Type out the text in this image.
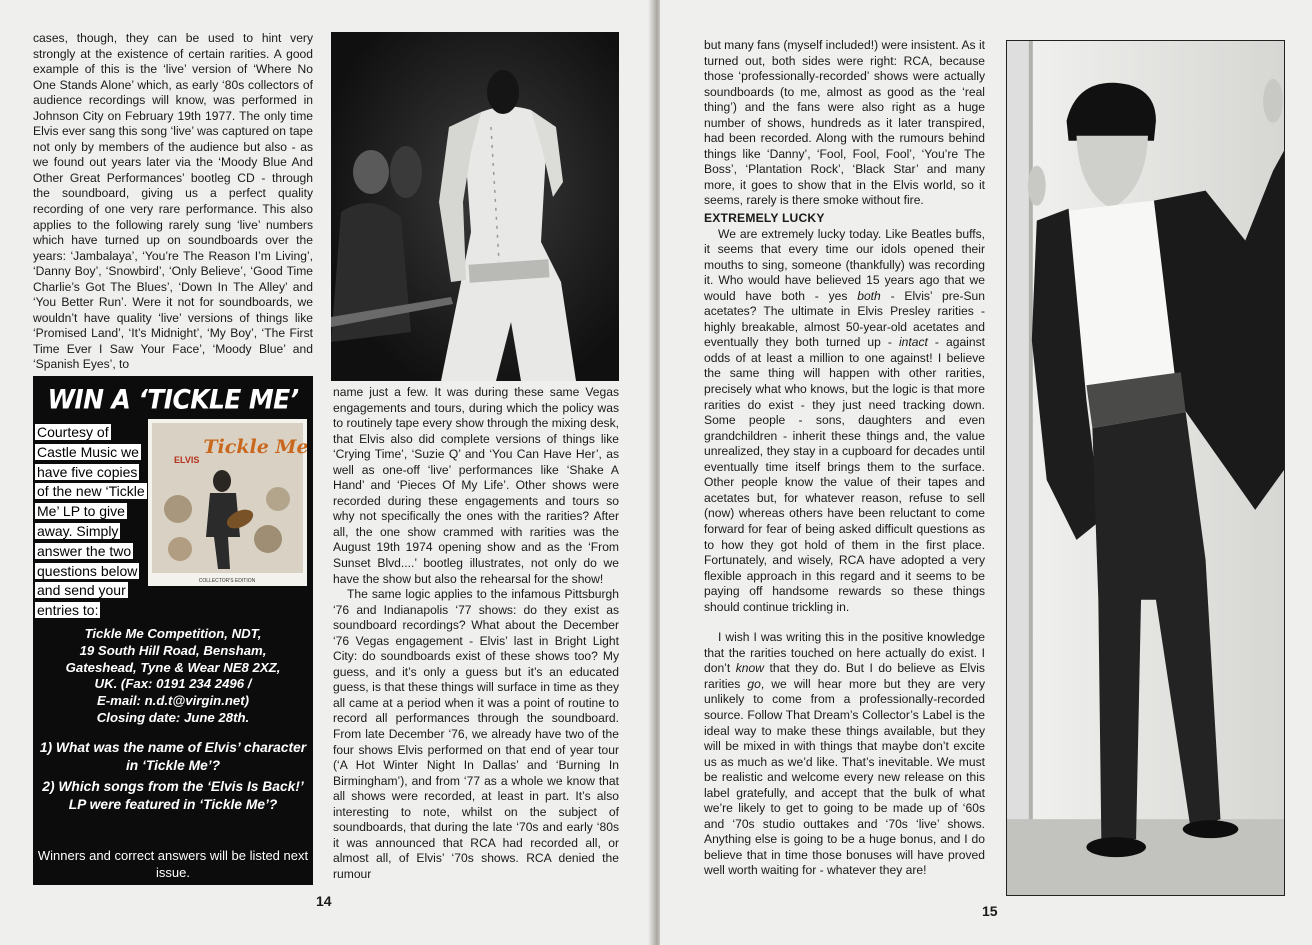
cases, though, they can be used to hint very strongly at the existence of certain rarities. A good example of this is the ‘live’ version of ‘Where No One Stands Alone’ which, as early ‘80s collectors of audience recordings will know, was performed in Johnson City on February 19th 1977. The only time Elvis ever sang this song ‘live’ was captured on tape not only by members of the audience but also - as we found out years later via the ‘Moody Blue And Other Great Performances’ bootleg CD - through the soundboard, giving us a perfect quality recording of one very rare performance. This also applies to the following rarely sung ‘live’ numbers which have turned up on soundboards over the years: ‘Jambalaya’, ‘You’re The Reason I’m Living’, ‘Danny Boy’, ‘Snowbird’, ‘Only Believe’, ‘Good Time Charlie’s Got The Blues’, ‘Down In The Alley’ and ‘You Better Run’. Were it not for soundboards, we wouldn’t have quality ‘live’ versions of things like ‘Promised Land’, ‘It’s Midnight’, ‘My Boy’, ‘The First Time Ever I Saw Your Face’, ‘Moody Blue’ and ‘Spanish Eyes’, to

name just a few. It was during these same Vegas engagements and tours, during which the policy was to routinely tape every show through the mixing desk, that Elvis also did complete versions of things like ‘Crying Time’, ‘Suzie Q’ and ‘You Can Have Her’, as well as one-off ‘live’ performances like ‘Shake A Hand’ and ‘Pieces Of My Life’. Other shows were recorded during these engagements and tours so why not specifically the ones with the rarities? After all, the one show crammed with rarities was the August 19th 1974 opening show and as the ‘From Sunset Blvd....’ bootleg illustrates, not only do we have the show but also the rehearsal for the show!

The same logic applies to the infamous Pittsburgh ‘76 and Indianapolis ‘77 shows: do they exist as soundboard recordings? What about the December ‘76 Vegas engagement - Elvis’ last in Bright Light City: do soundboards exist of these shows too? My guess, and it’s only a guess but it’s an educated guess, is that these things will surface in time as they all came at a period when it was a point of routine to record all performances through the soundboard. From late December ‘76, we already have two of the four shows Elvis performed on that end of year tour (‘A Hot Winter Night In Dallas’ and ‘Burning In Birmingham’), and from ‘77 as a whole we know that all shows were recorded, at least in part. It’s also interesting to note, whilst on the subject of soundboards, that during the late ‘70s and early ‘80s it was announced that RCA had recorded all, or almost all, of Elvis’ ‘70s shows. RCA denied the rumour

WIN A ‘TICKLE ME’
Courtesy of Castle Music we have five copies of the new ‘Tickle Me’ LP to give away. Simply answer the two questions below and send your entries to:
Tickle Me
ELVIS
COLLECTOR'S EDITION
Tickle Me Competition, NDT,
19 South Hill Road, Bensham,
Gateshead, Tyne & Wear NE8 2XZ,
UK. (Fax: 0191 234 2496 /
E-mail: n.d.t@virgin.net)
Closing date: June 28th.
1) What was the name of Elvis’ character in ‘Tickle Me’?
2) Which songs from the ‘Elvis Is Back!’ LP were featured in ‘Tickle Me’?
Winners and correct answers will be listed next issue.
14

but many fans (myself included!) were insistent. As it turned out, both sides were right: RCA, because those ‘professionally-recorded’ shows were actually soundboards (to me, almost as good as the ‘real thing’) and the fans were also right as a huge number of shows, hundreds as it later transpired, had been recorded. Along with the rumours behind things like ‘Danny’, ‘Fool, Fool, Fool’, ‘You’re The Boss’, ‘Plantation Rock’, ‘Black Star’ and many more, it goes to show that in the Elvis world, so it seems, rarely is there smoke without fire.

EXTREMELY LUCKY

We are extremely lucky today. Like Beatles buffs, it seems that every time our idols opened their mouths to sing, someone (thankfully) was recording it. Who would have believed 15 years ago that we would have both - yes both - Elvis’ pre-Sun acetates? The ultimate in Elvis Presley rarities - highly breakable, almost 50-year-old acetates and eventually they both turned up - intact - against odds of at least a million to one against! I believe the same thing will happen with other rarities, precisely what who knows, but the logic is that more rarities do exist - they just need tracking down. Some people - sons, daughters and even grandchildren - inherit these things and, the value unrealized, they stay in a cupboard for decades until eventually time itself brings them to the surface. Other people know the value of their tapes and acetates but, for whatever reason, refuse to sell (now) whereas others have been reluctant to come forward for fear of being asked difficult questions as to how they got hold of them in the first place. Fortunately, and wisely, RCA have adopted a very flexible approach in this regard and it seems to be paying off handsome rewards so these things should continue trickling in.

I wish I was writing this in the positive knowledge that the rarities touched on here actually do exist. I don’t know that they do. But I do believe as Elvis rarities go, we will hear more but they are very unlikely to come from a professionally-recorded source. Follow That Dream’s Collector’s Label is the ideal way to make these things available, but they will be mixed in with things that maybe don’t excite us as much as we’d like. That’s inevitable. We must be realistic and welcome every new release on this label gratefully, and accept that the bulk of what we’re likely to get to going to be made up of ‘60s and ‘70s studio outtakes and ‘70s ‘live’ shows. Anything else is going to be a huge bonus, and I do believe that in time those bonuses will have proved well worth waiting for - whatever they are!

15
